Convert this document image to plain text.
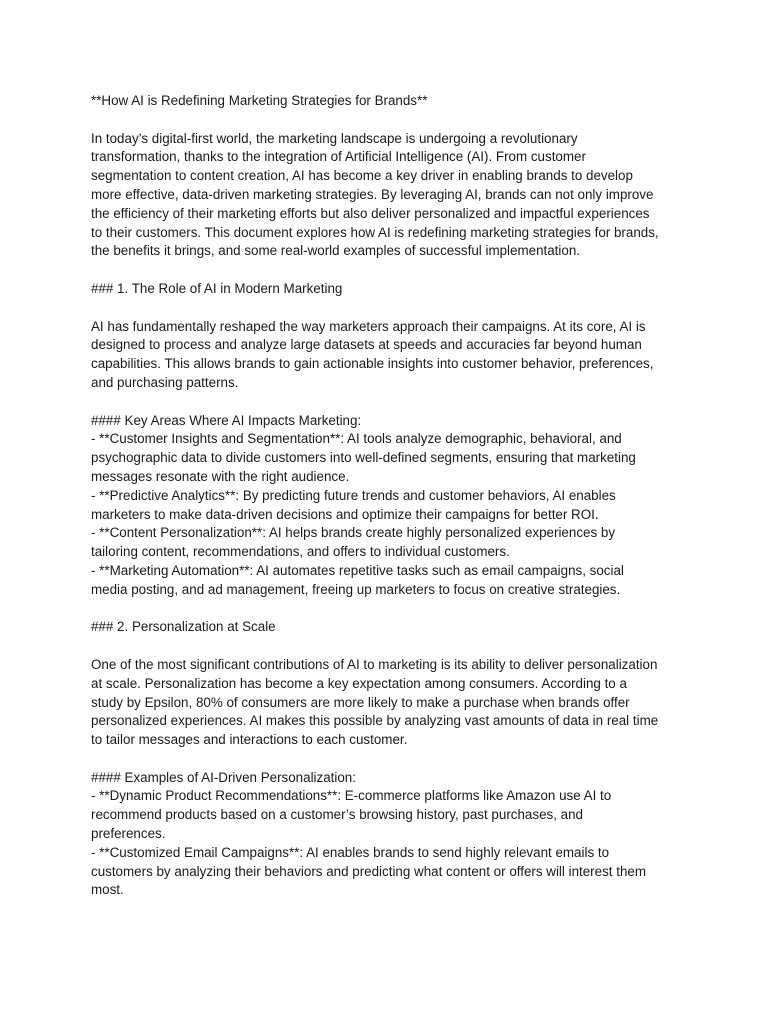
**How AI is Redefining Marketing Strategies for Brands**
In today’s digital-first world, the marketing landscape is undergoing a revolutionary
transformation, thanks to the integration of Artificial Intelligence (AI). From customer
segmentation to content creation, AI has become a key driver in enabling brands to develop
more effective, data-driven marketing strategies. By leveraging AI, brands can not only improve
the efficiency of their marketing efforts but also deliver personalized and impactful experiences
to their customers. This document explores how AI is redefining marketing strategies for brands,
the benefits it brings, and some real-world examples of successful implementation.
### 1. The Role of AI in Modern Marketing
AI has fundamentally reshaped the way marketers approach their campaigns. At its core, AI is
designed to process and analyze large datasets at speeds and accuracies far beyond human
capabilities. This allows brands to gain actionable insights into customer behavior, preferences,
and purchasing patterns.
#### Key Areas Where AI Impacts Marketing:
- **Customer Insights and Segmentation**: AI tools analyze demographic, behavioral, and
psychographic data to divide customers into well-defined segments, ensuring that marketing
messages resonate with the right audience.
- **Predictive Analytics**: By predicting future trends and customer behaviors, AI enables
marketers to make data-driven decisions and optimize their campaigns for better ROI.
- **Content Personalization**: AI helps brands create highly personalized experiences by
tailoring content, recommendations, and offers to individual customers.
- **Marketing Automation**: AI automates repetitive tasks such as email campaigns, social
media posting, and ad management, freeing up marketers to focus on creative strategies.
### 2. Personalization at Scale
One of the most significant contributions of AI to marketing is its ability to deliver personalization
at scale. Personalization has become a key expectation among consumers. According to a
study by Epsilon, 80% of consumers are more likely to make a purchase when brands offer
personalized experiences. AI makes this possible by analyzing vast amounts of data in real time
to tailor messages and interactions to each customer.
#### Examples of AI-Driven Personalization:
- **Dynamic Product Recommendations**: E-commerce platforms like Amazon use AI to
recommend products based on a customer’s browsing history, past purchases, and
preferences.
- **Customized Email Campaigns**: AI enables brands to send highly relevant emails to
customers by analyzing their behaviors and predicting what content or offers will interest them
most.
